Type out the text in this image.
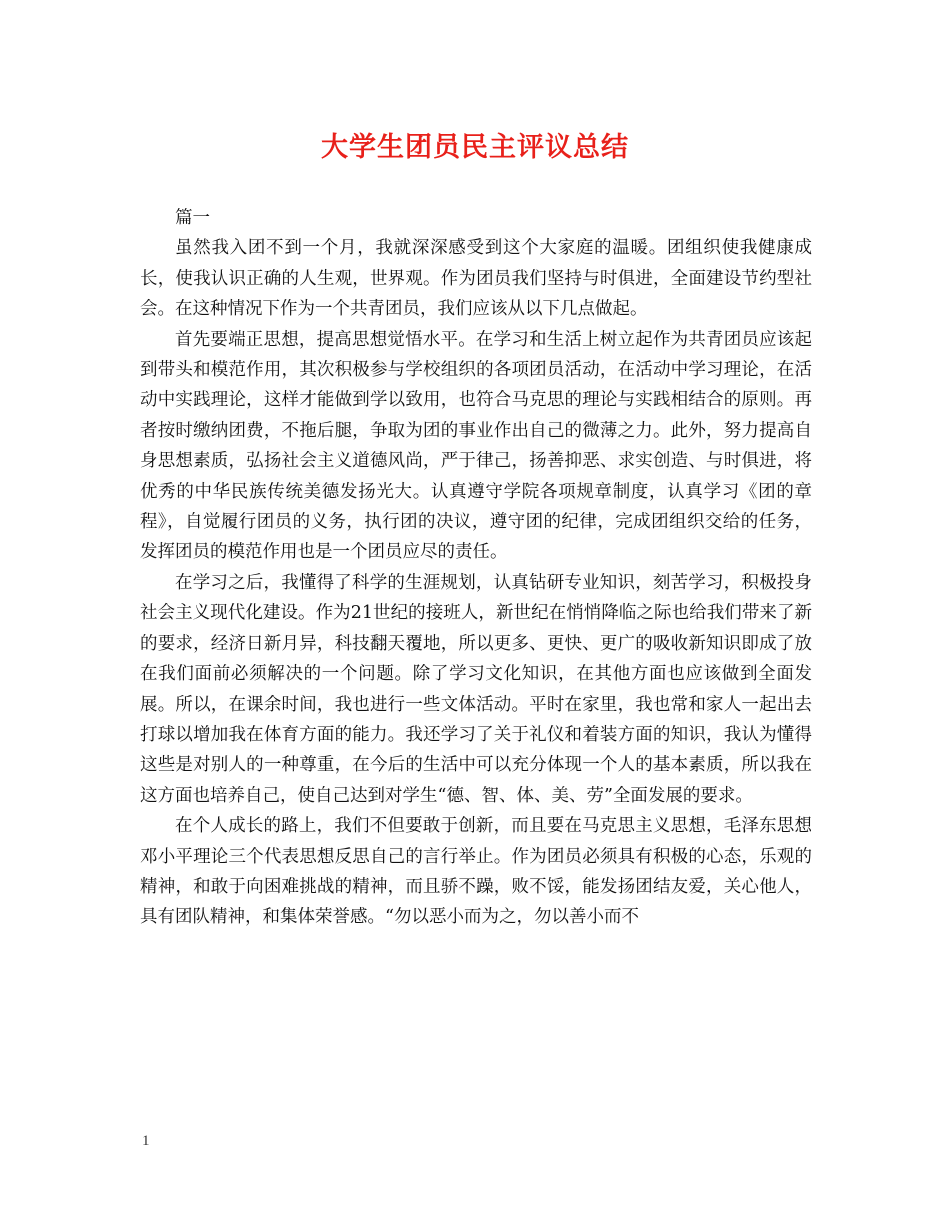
大学生团员民主评议总结

篇一

虽然我入团不到一个月，我就深深感受到这个大家庭的温暖。团组织使我健康成长，使我认识正确的人生观，世界观。作为团员我们坚持与时俱进，全面建设节约型社会。在这种情况下作为一个共青团员，我们应该从以下几点做起。

首先要端正思想，提高思想觉悟水平。在学习和生活上树立起作为共青团员应该起到带头和模范作用，其次积极参与学校组织的各项团员活动，在活动中学习理论，在活动中实践理论，这样才能做到学以致用，也符合马克思的理论与实践相结合的原则。再者按时缴纳团费，不拖后腿，争取为团的事业作出自己的微薄之力。此外，努力提高自身思想素质，弘扬社会主义道德风尚，严于律己，扬善抑恶、求实创造、与时俱进，将优秀的中华民族传统美德发扬光大。认真遵守学院各项规章制度，认真学习《团的章程》，自觉履行团员的义务，执行团的决议，遵守团的纪律，完成团组织交给的任务，发挥团员的模范作用也是一个团员应尽的责任。

在学习之后，我懂得了科学的生涯规划，认真钻研专业知识，刻苦学习，积极投身社会主义现代化建设。作为21世纪的接班人，新世纪在悄悄降临之际也给我们带来了新的要求，经济日新月异，科技翻天覆地，所以更多、更快、更广的吸收新知识即成了放在我们面前必须解决的一个问题。除了学习文化知识，在其他方面也应该做到全面发展。所以，在课余时间，我也进行一些文体活动。平时在家里，我也常和家人一起出去打球以增加我在体育方面的能力。我还学习了关于礼仪和着装方面的知识，我认为懂得这些是对别人的一种尊重，在今后的生活中可以充分体现一个人的基本素质，所以我在这方面也培养自己，使自己达到对学生“德、智、体、美、劳”全面发展的要求。

在个人成长的路上，我们不但要敢于创新，而且要在马克思主义思想，毛泽东思想邓小平理论三个代表思想反思自己的言行举止。作为团员必须具有积极的心态，乐观的精神，和敢于向困难挑战的精神，而且骄不躁，败不馁，能发扬团结友爱，关心他人，具有团队精神，和集体荣誉感。“勿以恶小而为之，勿以善小而不

1
